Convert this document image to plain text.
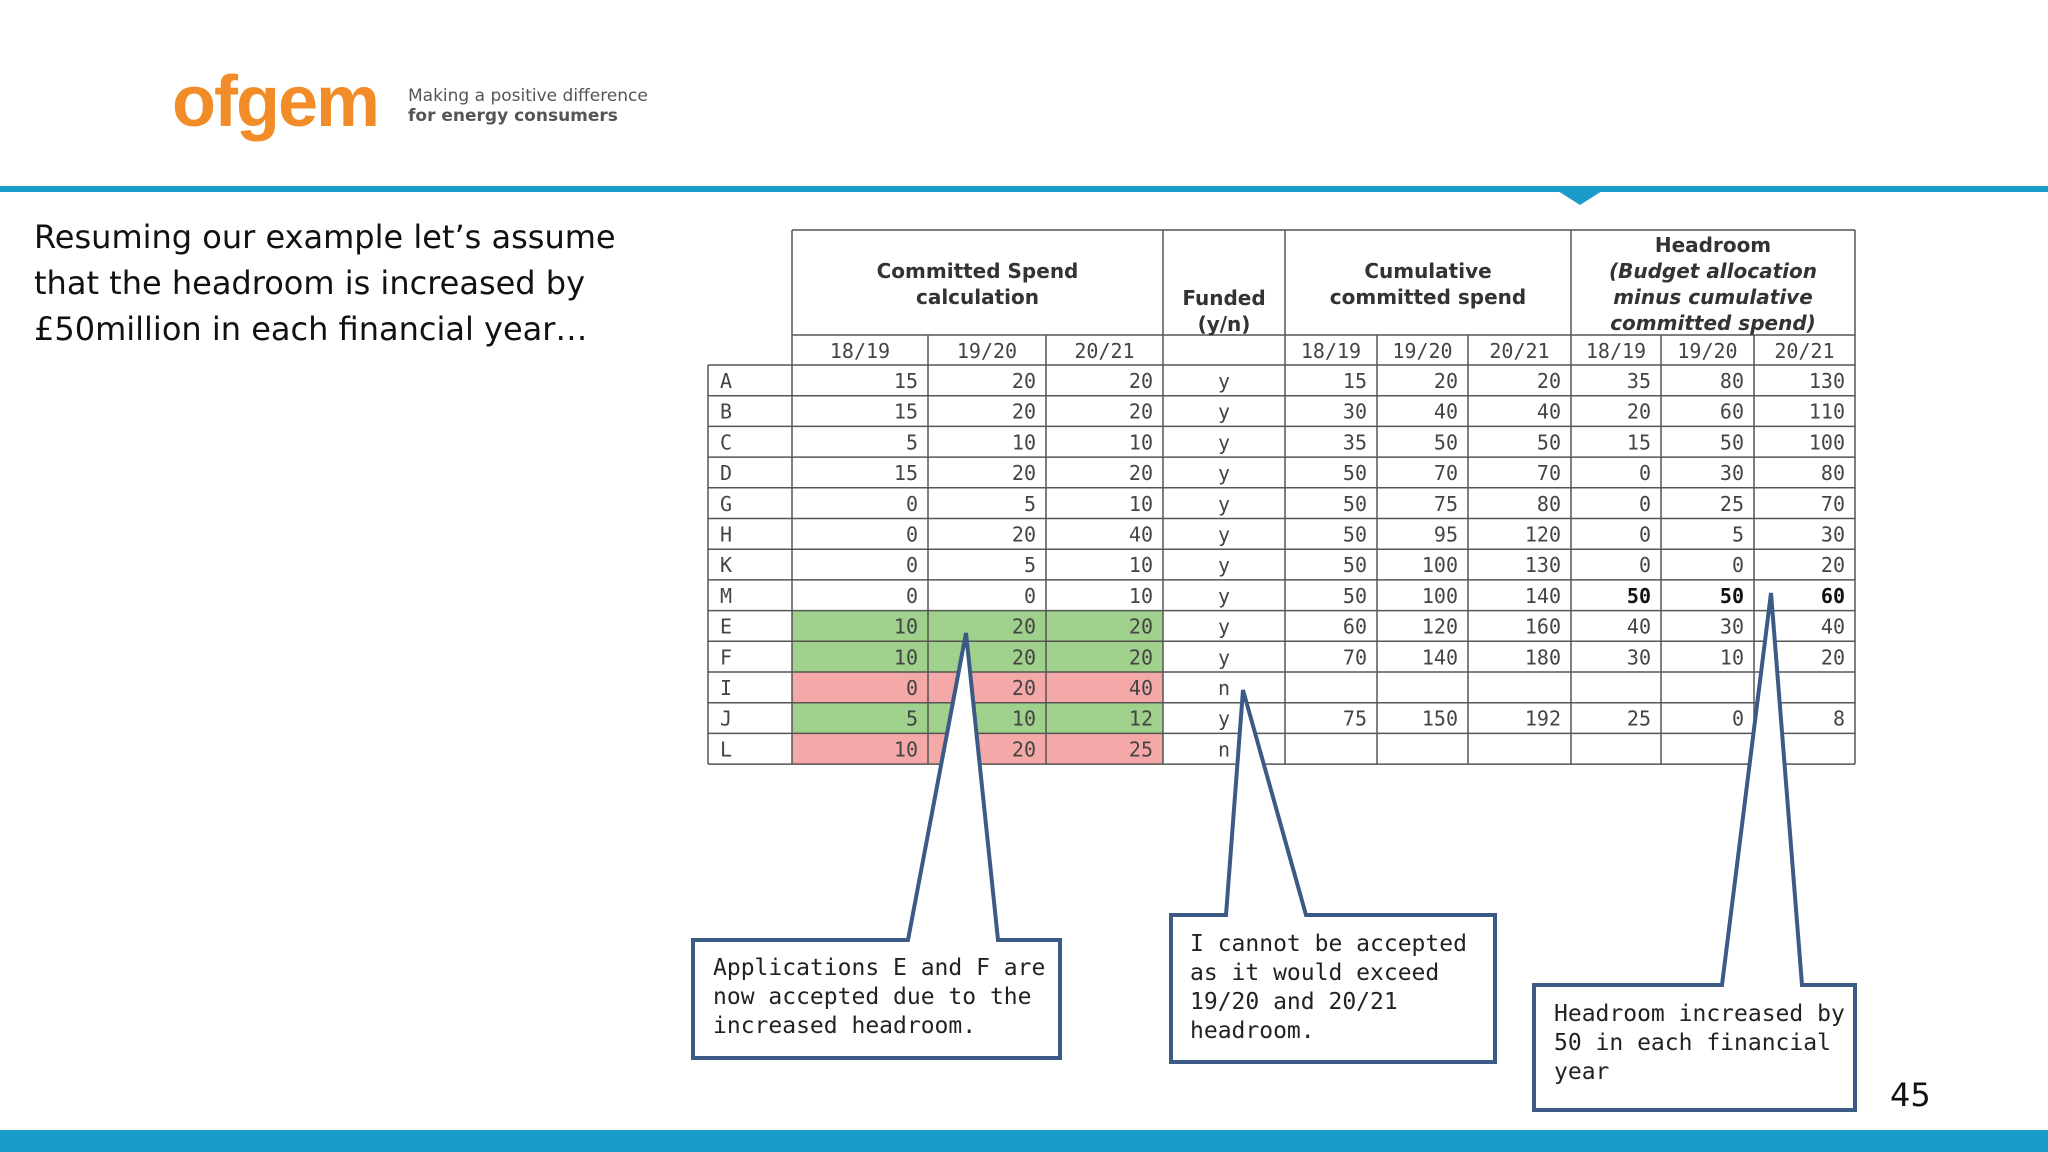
ofgem Making a positive difference
for energy consumers
Resuming our example let’s assume
that the headroom is increased by
£50million in each financial year…
Committed Spend
calculation	Funded
(y/n)
Cumulative
committed spend
Headroom
(Budget allocation
minus cumulative
committed spend)
18/19	19/20	20/21	18/19 19/20 20/21 18/19 19/20 20/21
A	15	20	20	y	15	20	20	35	80	130
B	15	20	20	y	30	40	40	20	60	110
C	5	10	10	y	35	50	50	15	50	100
D	15	20	20	y	50	70	70	0	30	80
G	0	5	10	y	50	75	80	0	25	70
H	0	20	40	y	50	95	120	0	5	30
K	0	5	10	y	50	100	130	0	0	20
M	0	0	10	y	50	100	140	50	50	60
E	10	20	20	y	60	120	160	40	30	40
F	10	20	20	y	70	140	180	30	10	20
I	0	20	40	n
J	5	10	12	y	75	150	192	25	0	8
L	10	20	25	n
Applications E and F are
now accepted due to the
increased headroom.
I cannot be accepted
as it would exceed
19/20 and 20/21
headroom.
Headroom increased by
50 in each financial
year
45
